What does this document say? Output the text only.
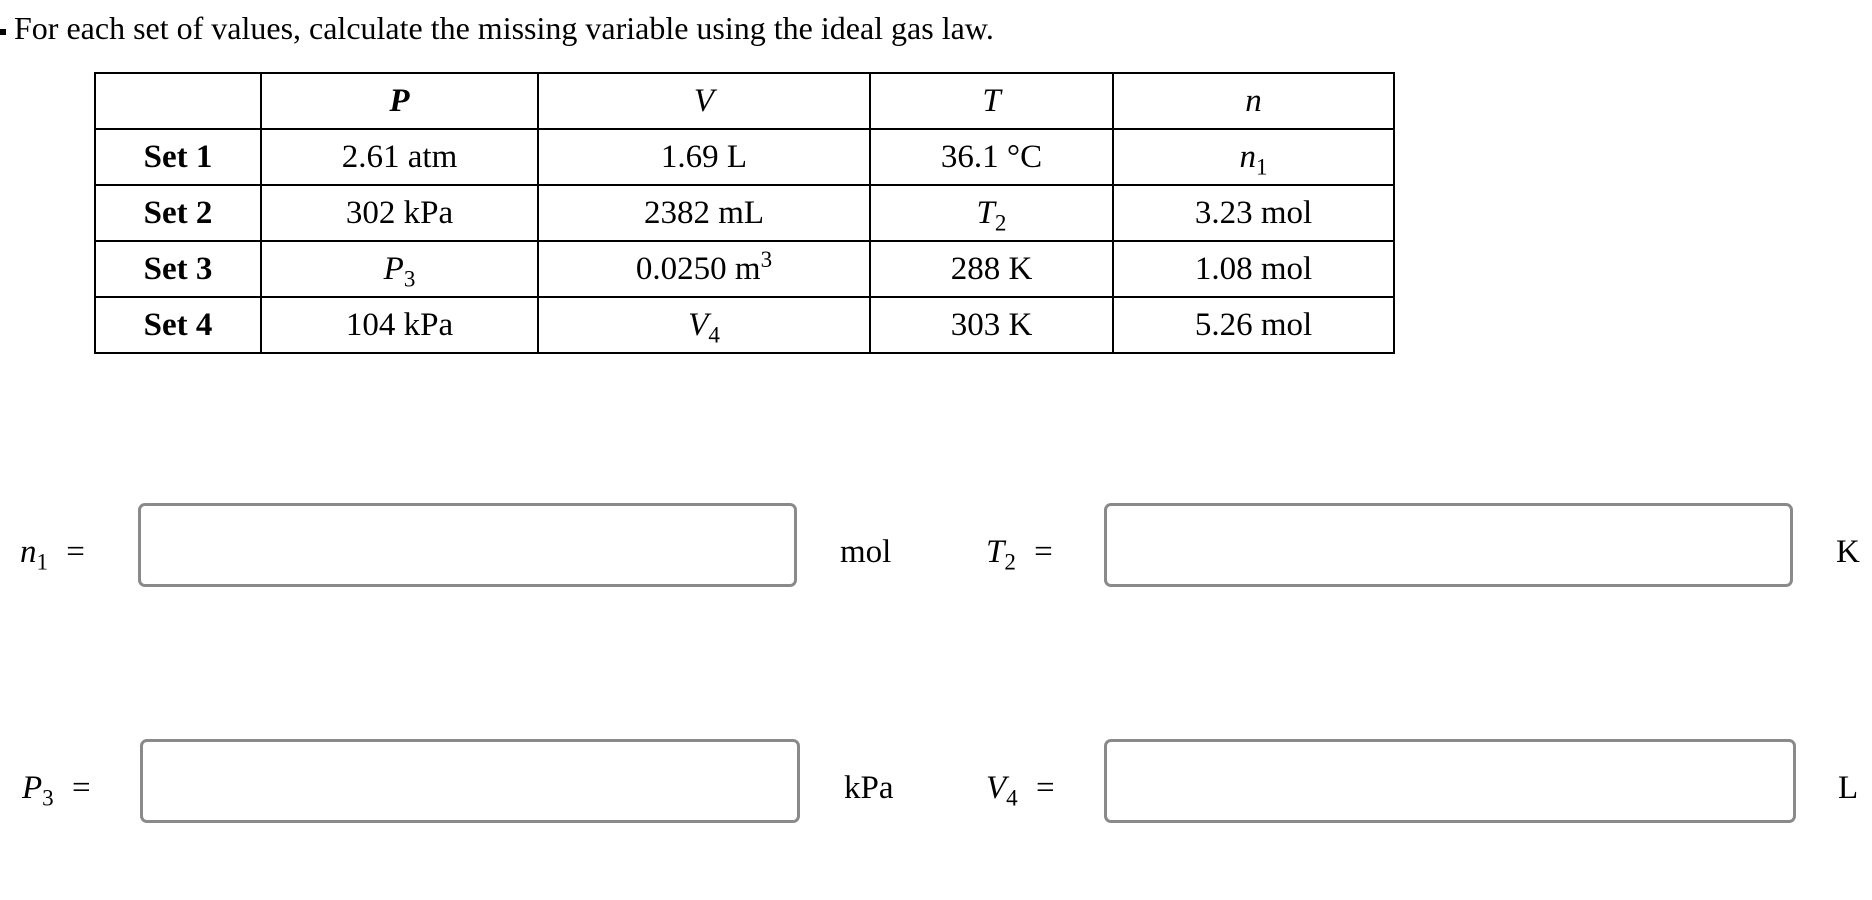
For each set of values, calculate the missing variable using the ideal gas law.
	P	V	T	n
Set 1	2.61 atm	1.69 L	36.1 °C	$n_1$
Set 2	302 kPa	2382 mL	$T_2$	3.23 mol
Set 3	$P_3$	0.0250 $m^3$	288 K	1.08 mol
Set 4	104 kPa	$V_4$	303 K	5.26 mol
$n_1$ =	mol	$T_2$ =	K
$P_3$ =	kPa	$V_4$ =	L
